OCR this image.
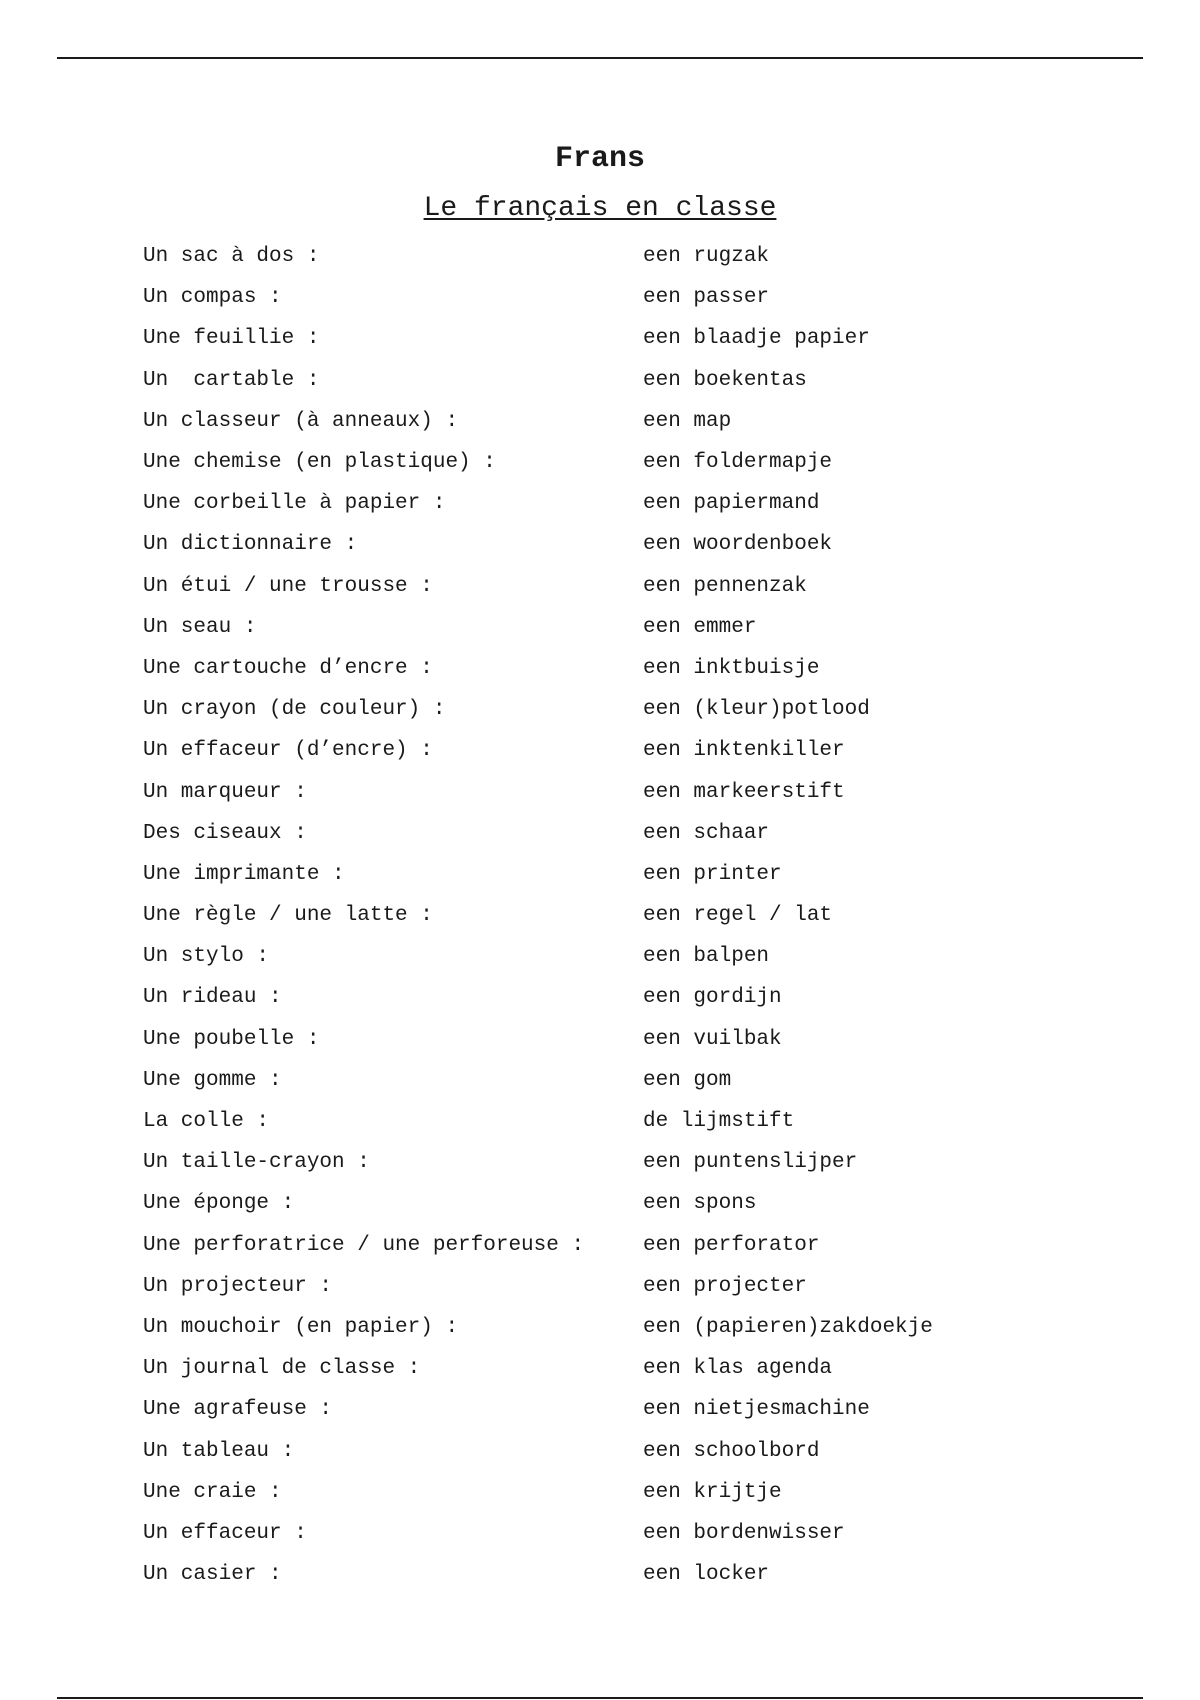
Frans
Le français en classe
Un sac à dos :	een rugzak
Un compas :	een passer
Une feuillie :	een blaadje papier
Un  cartable :	een boekentas
Un classeur (à anneaux) :	een map
Une chemise (en plastique) :	een foldermapje
Une corbeille à papier :	een papiermand
Un dictionnaire :	een woordenboek
Un étui / une trousse :	een pennenzak
Un seau :	een emmer
Une cartouche d’encre :	een inktbuisje
Un crayon (de couleur) :	een (kleur)potlood
Un effaceur (d’encre) :	een inktenkiller
Un marqueur :	een markeerstift
Des ciseaux :	een schaar
Une imprimante :	een printer
Une règle / une latte :	een regel / lat
Un stylo :	een balpen
Un rideau :	een gordijn
Une poubelle :	een vuilbak
Une gomme :	een gom
La colle :	de lijmstift
Un taille-crayon :	een puntenslijper
Une éponge :	een spons
Une perforatrice / une perforeuse :	een perforator
Un projecteur :	een projecter
Un mouchoir (en papier) :	een (papieren)zakdoekje
Un journal de classe :	een klas agenda
Une agrafeuse :	een nietjesmachine
Un tableau :	een schoolbord
Une craie :	een krijtje
Un effaceur :	een bordenwisser
Un casier :	een locker
